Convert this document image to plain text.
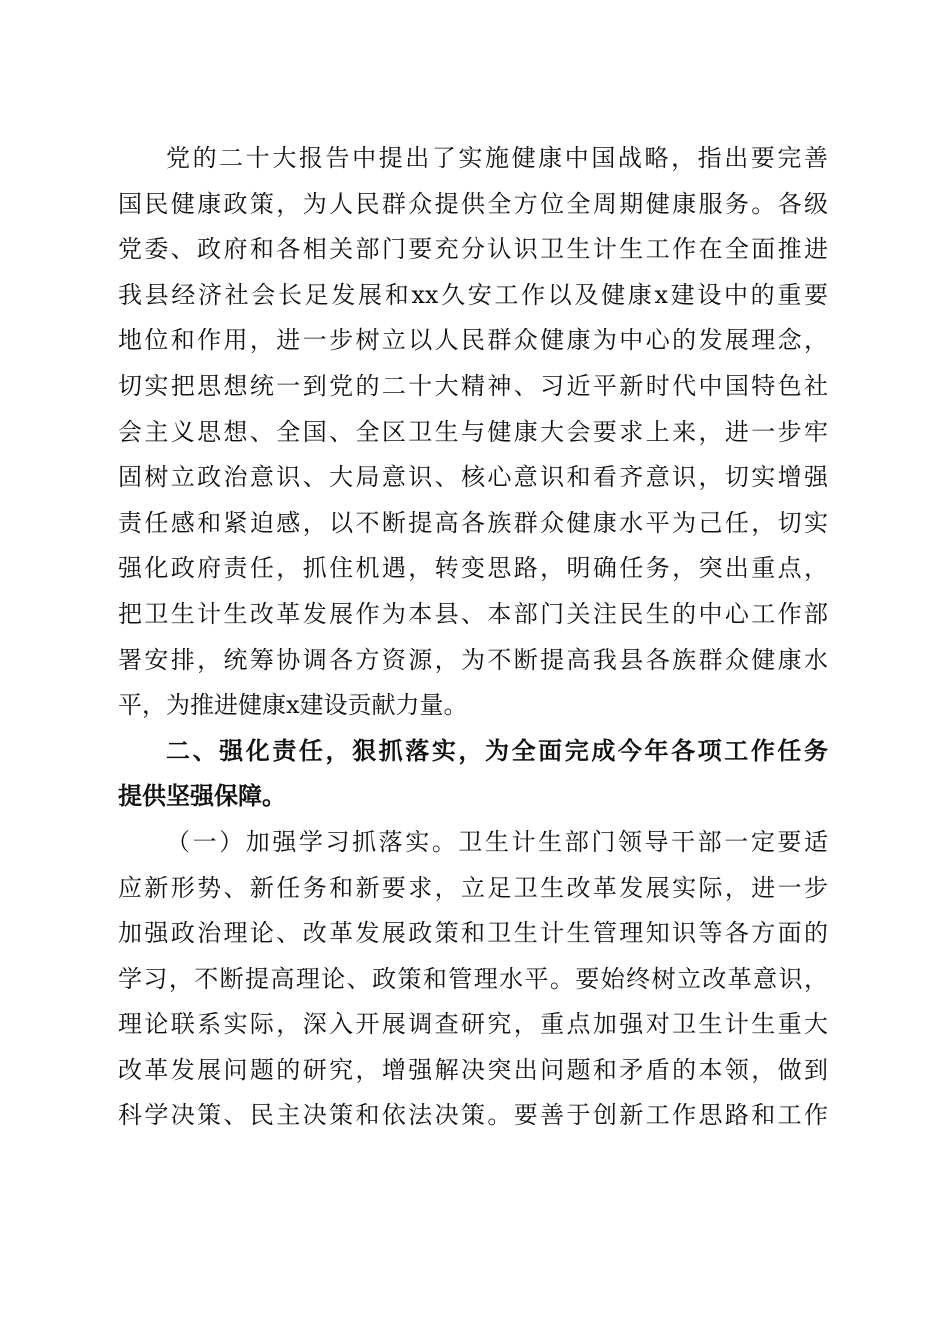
党的二十大报告中提出了实施健康中国战略，指出要完善
国民健康政策，为人民群众提供全方位全周期健康服务。各级
党委、政府和各相关部门要充分认识卫生计生工作在全面推进
我县经济社会长足发展和xx久安工作以及健康x建设中的重要
地位和作用，进一步树立以人民群众健康为中心的发展理念，
切实把思想统一到党的二十大精神、习近平新时代中国特色社
会主义思想、全国、全区卫生与健康大会要求上来，进一步牢
固树立政治意识、大局意识、核心意识和看齐意识，切实增强
责任感和紧迫感，以不断提高各族群众健康水平为己任，切实
强化政府责任，抓住机遇，转变思路，明确任务，突出重点，
把卫生计生改革发展作为本县、本部门关注民生的中心工作部
署安排，统筹协调各方资源，为不断提高我县各族群众健康水
平，为推进健康x建设贡献力量。
二、强化责任，狠抓落实，为全面完成今年各项工作任务
提供坚强保障。
（一）加强学习抓落实。卫生计生部门领导干部一定要适
应新形势、新任务和新要求，立足卫生改革发展实际，进一步
加强政治理论、改革发展政策和卫生计生管理知识等各方面的
学习，不断提高理论、政策和管理水平。要始终树立改革意识，
理论联系实际，深入开展调查研究，重点加强对卫生计生重大
改革发展问题的研究，增强解决突出问题和矛盾的本领，做到
科学决策、民主决策和依法决策。要善于创新工作思路和工作
